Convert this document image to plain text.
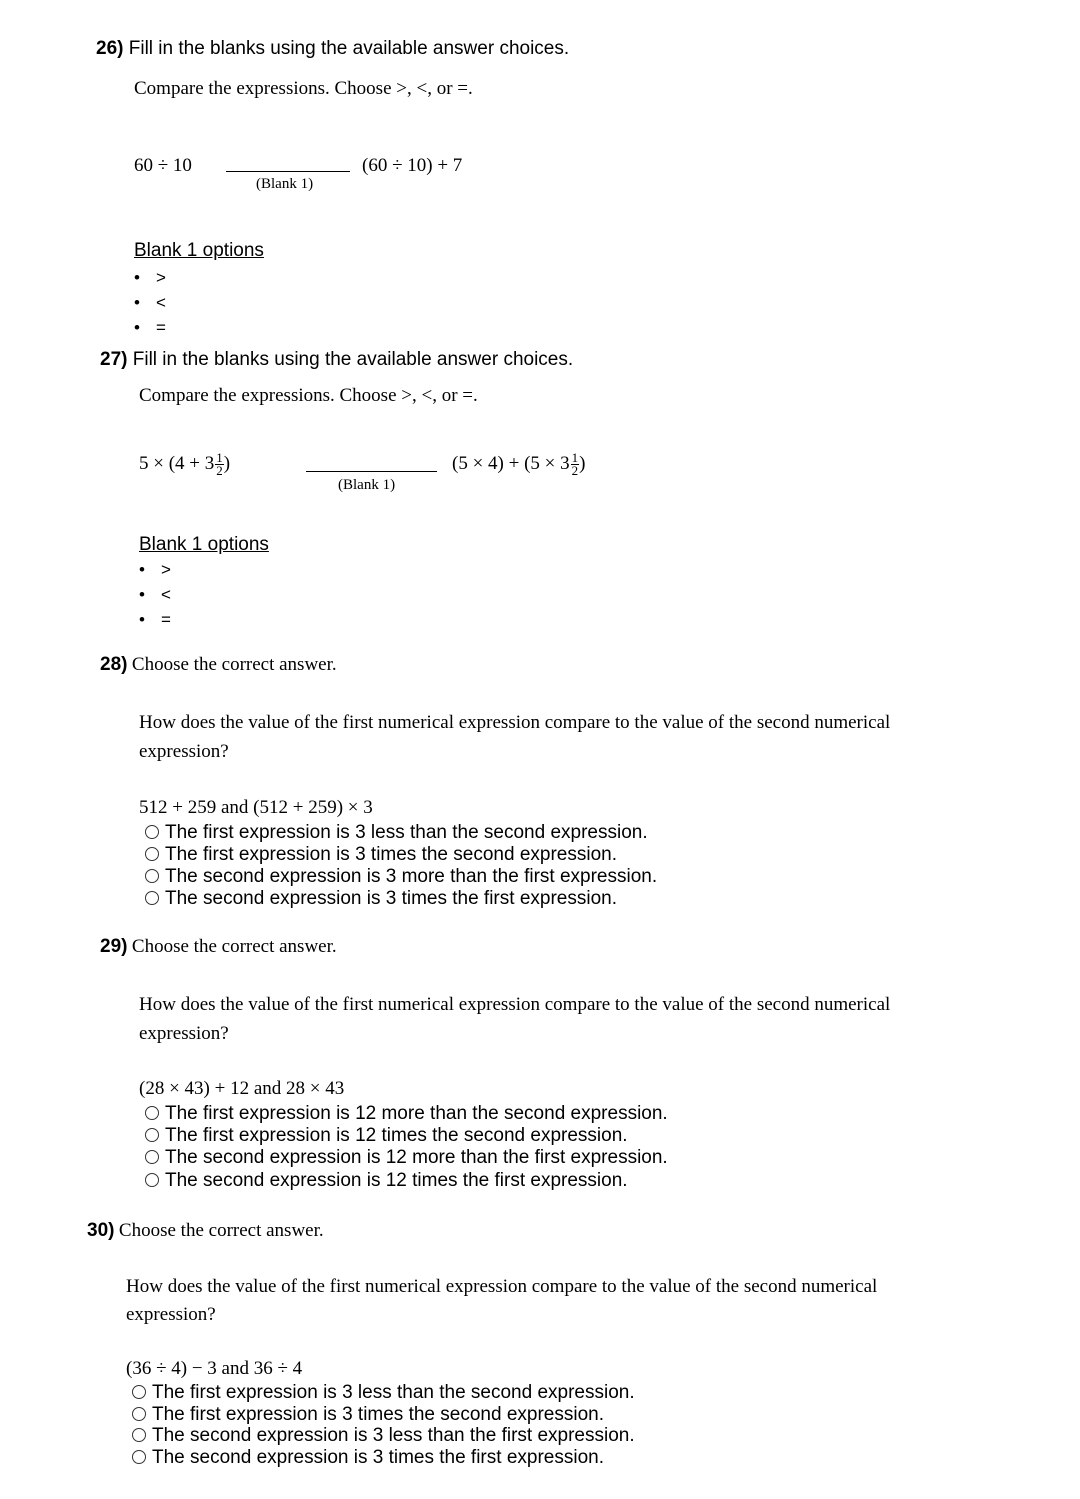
26) Fill in the blanks using the available answer choices.
Compare the expressions. Choose >, <, or =.
60 ÷ 10
(Blank 1)
(60 ÷ 10) + 7
Blank 1 options
• >
• <
• =
27) Fill in the blanks using the available answer choices.
Compare the expressions. Choose >, <, or =.
$5 \times (4 + 3 \frac{1}{2}$ )
(Blank 1)
$(5 \times 4) + (5 \times 3 \frac{1}{2}$ )
Blank 1 options
• >
• <
• =
28) Choose the correct answer.
How does the value of the first numerical expression compare to the value of the second numerical
expression?
512 + 259 and (512 + 259) × 3
The first expression is 3 less than the second expression.
The first expression is 3 times the second expression.
The second expression is 3 more than the first expression.
The second expression is 3 times the first expression.
29) Choose the correct answer.
How does the value of the first numerical expression compare to the value of the second numerical
expression?
(28 × 43) + 12 and 28 × 43
The first expression is 12 more than the second expression.
The first expression is 12 times the second expression.
The second expression is 12 more than the first expression.
The second expression is 12 times the first expression.
30) Choose the correct answer.
How does the value of the first numerical expression compare to the value of the second numerical
expression?
(36 ÷ 4) − 3 and 36 ÷ 4
The first expression is 3 less than the second expression.
The first expression is 3 times the second expression.
The second expression is 3 less than the first expression.
The second expression is 3 times the first expression.
